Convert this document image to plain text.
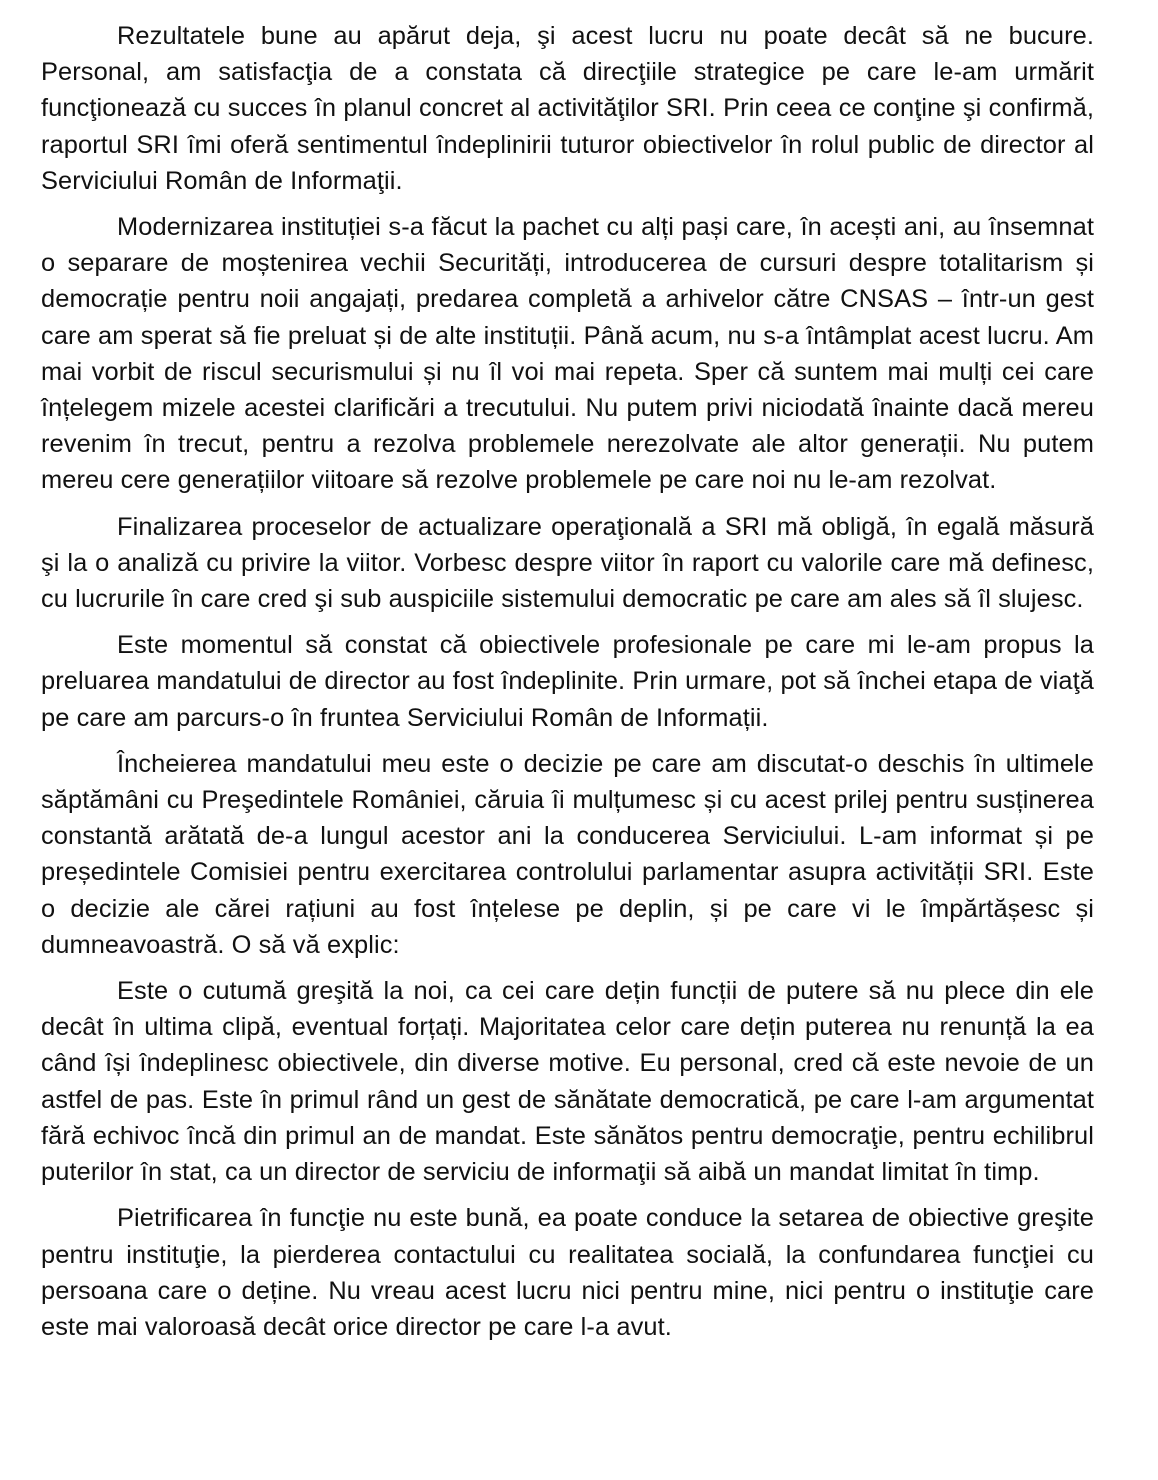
Rezultatele bune au apărut deja, şi acest lucru nu poate decât să ne bucure. Personal, am satisfacţia de a constata că direcţiile strategice pe care le-am urmărit funcţionează cu succes în planul concret al activităţilor SRI. Prin ceea ce conţine şi confirmă, raportul SRI îmi oferă sentimentul îndeplinirii tuturor obiectivelor în rolul public de director al Serviciului Român de Informaţii.

Modernizarea instituției s-a făcut la pachet cu alți pași care, în acești ani, au însemnat o separare de moștenirea vechii Securități, introducerea de cursuri despre totalitarism și democrație pentru noii angajați, predarea completă a arhivelor către CNSAS – într-un gest care am sperat să fie preluat și de alte instituții. Până acum, nu s-a întâmplat acest lucru. Am mai vorbit de riscul securismului și nu îl voi mai repeta. Sper că suntem mai mulți cei care înțelegem mizele acestei clarificări a trecutului. Nu putem privi niciodată înainte dacă mereu revenim în trecut, pentru a rezolva problemele nerezolvate ale altor generații. Nu putem mereu cere generațiilor viitoare să rezolve problemele pe care noi nu le-am rezolvat.

Finalizarea proceselor de actualizare operaţională a SRI mă obligă, în egală măsură şi la o analiză cu privire la viitor. Vorbesc despre viitor în raport cu valorile care mă definesc, cu lucrurile în care cred şi sub auspiciile sistemului democratic pe care am ales să îl slujesc.

Este momentul să constat că obiectivele profesionale pe care mi le-am propus la preluarea mandatului de director au fost îndeplinite. Prin urmare, pot să închei etapa de viaţă pe care am parcurs-o în fruntea Serviciului Român de Informații.

Încheierea mandatului meu este o decizie pe care am discutat-o deschis în ultimele săptămâni cu Preşedintele României, căruia îi mulțumesc și cu acest prilej pentru susținerea constantă arătată de-a lungul acestor ani la conducerea Serviciului. L-am informat și pe președintele Comisiei pentru exercitarea controlului parlamentar asupra activității SRI. Este o decizie ale cărei rațiuni au fost înțelese pe deplin, și pe care vi le împărtășesc și dumneavoastră. O să vă explic:

Este o cutumă greşită la noi, ca cei care dețin funcții de putere să nu plece din ele decât în ultima clipă, eventual forțați. Majoritatea celor care dețin puterea nu renunță la ea când își îndeplinesc obiectivele, din diverse motive. Eu personal, cred că este nevoie de un astfel de pas. Este în primul rând un gest de sănătate democratică, pe care l-am argumentat fără echivoc încă din primul an de mandat. Este sănătos pentru democraţie, pentru echilibrul puterilor în stat, ca un director de serviciu de informaţii să aibă un mandat limitat în timp.

Pietrificarea în funcţie nu este bună, ea poate conduce la setarea de obiective greşite pentru instituţie, la pierderea contactului cu realitatea socială, la confundarea funcţiei cu persoana care o deține. Nu vreau acest lucru nici pentru mine, nici pentru o instituţie care este mai valoroasă decât orice director pe care l-a avut.
